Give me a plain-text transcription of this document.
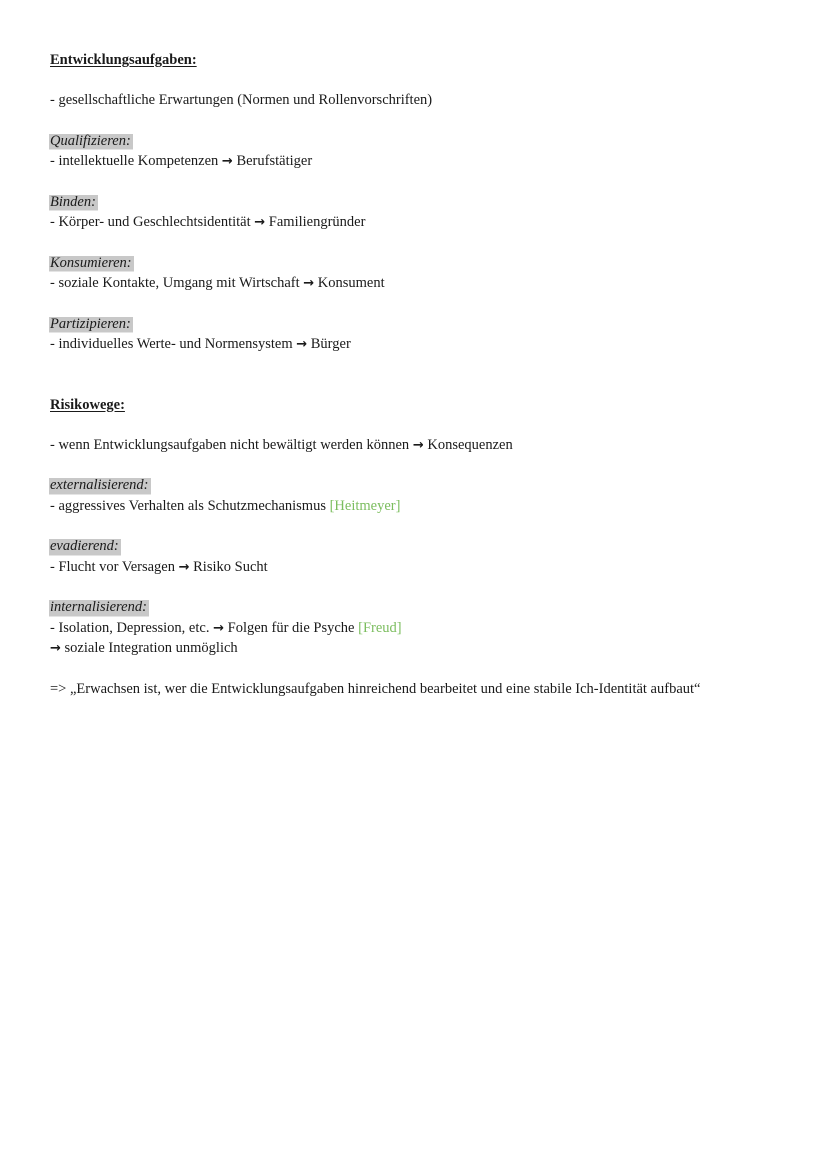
Entwicklungsaufgaben:
- gesellschaftliche Erwartungen (Normen und Rollenvorschriften)
Qualifizieren:
- intellektuelle Kompetenzen → Berufstätiger
Binden:
- Körper- und Geschlechtsidentität → Familiengründer
Konsumieren:
- soziale Kontakte, Umgang mit Wirtschaft → Konsument
Partizipieren:
- individuelles Werte- und Normensystem → Bürger
Risikowege:
- wenn Entwicklungsaufgaben nicht bewältigt werden können → Konsequenzen
externalisierend:
- aggressives Verhalten als Schutzmechanismus [Heitmeyer]
evadierend:
- Flucht vor Versagen → Risiko Sucht
internalisierend:
- Isolation, Depression, etc. → Folgen für die Psyche [Freud]
→ soziale Integration unmöglich
=> „Erwachsen ist, wer die Entwicklungsaufgaben hinreichend bearbeitet und eine stabile Ich-Identität aufbaut“
